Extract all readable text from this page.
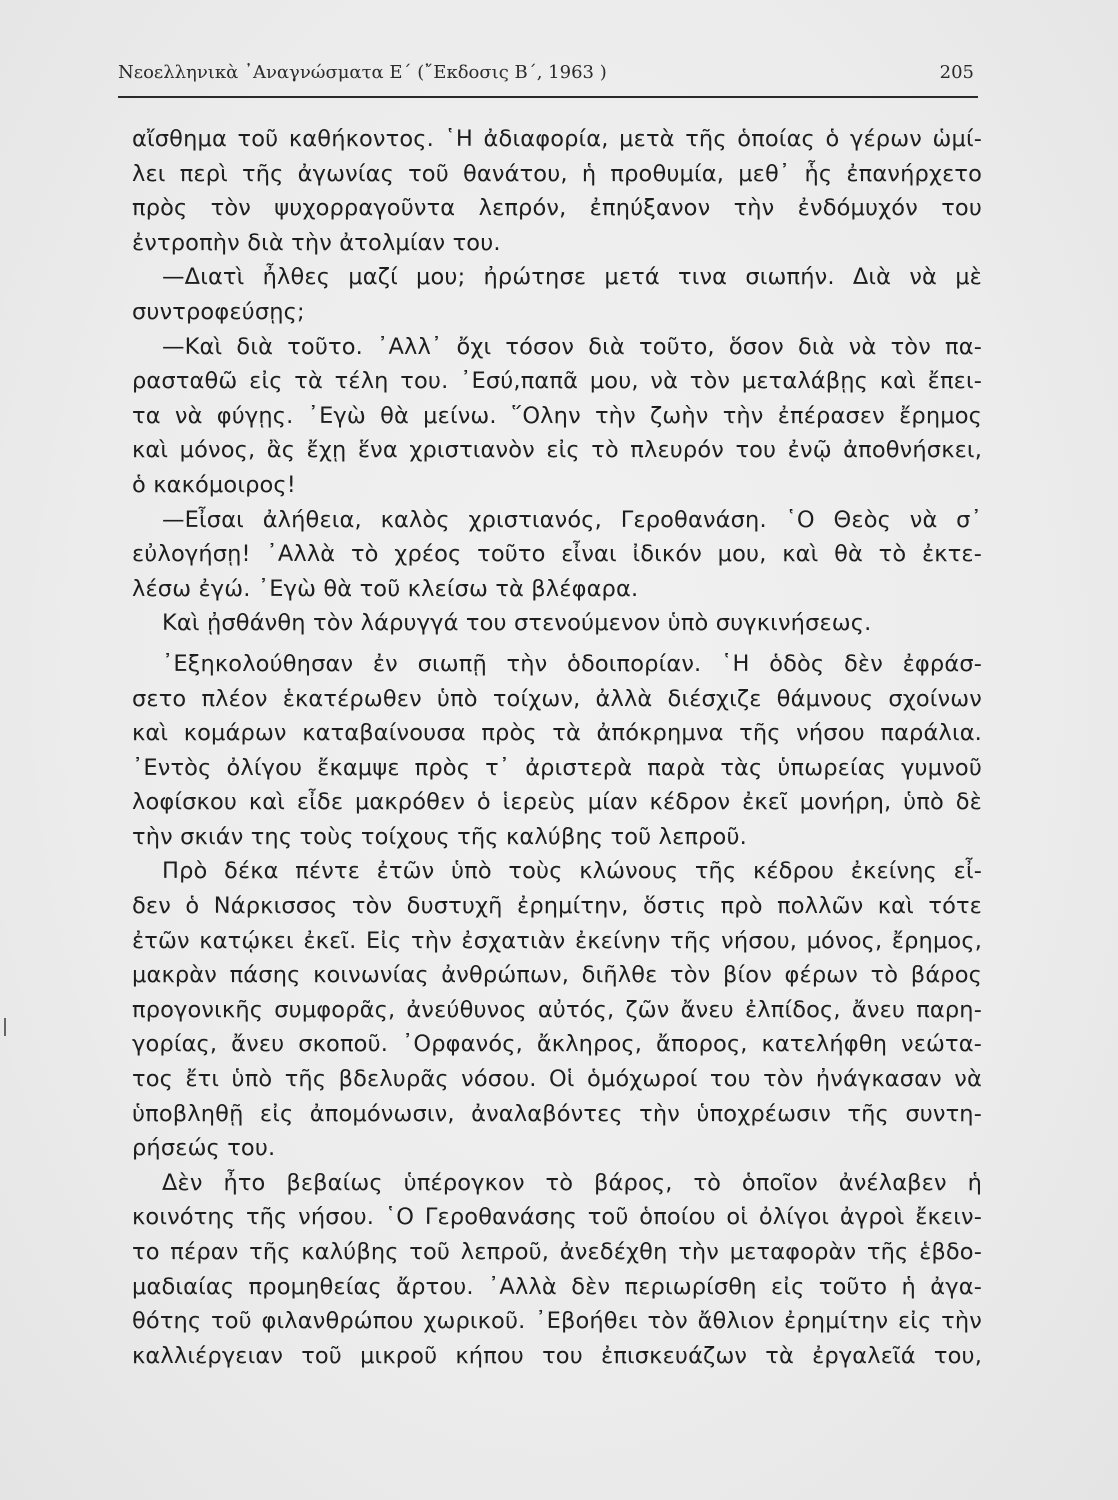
Νεοελληνικὰ ᾽Αναγνώσματα Ε΄ (῎Εκδοσις Β΄, 1963 )	205
αἴσθημα τοῦ καθήκοντος. ῾Η ἀδιαφορία, μετὰ τῆς ὁποίας ὁ γέρων ὡμί-
λει περὶ τῆς ἀγωνίας τοῦ θανάτου, ἡ προθυμία, μεθ᾽ ἧς ἐπανήρχετο
πρὸς τὸν ψυχορραγοῦντα λεπρόν, ἐπηύξανον τὴν ἐνδόμυχόν του
ἐντροπὴν διὰ τὴν ἀτολμίαν του.
—Διατὶ ἦλθες μαζί μου; ἠρώτησε μετά τινα σιωπήν. Διὰ νὰ μὲ
συντροφεύσῃς;
—Καὶ διὰ τοῦτο. ᾽Αλλ᾽ ὄχι τόσον διὰ τοῦτο, ὅσον διὰ νὰ τὸν πα-
ρασταθῶ εἰς τὰ τέλη του. ᾽Εσύ,παπᾶ μου, νὰ τὸν μεταλάβῃς καὶ ἔπει-
τα νὰ φύγῃς. ᾽Εγὼ θὰ μείνω. ῞Ολην τὴν ζωὴν τὴν ἐπέρασεν ἔρημος
καὶ μόνος, ἂς ἔχῃ ἕνα χριστιανὸν εἰς τὸ πλευρόν του ἐνῷ ἀποθνήσκει,
ὁ κακόμοιρος!
—Εἶσαι ἀλήθεια, καλὸς χριστιανός, Γεροθανάση. ῾Ο Θεὸς νὰ σ᾽
εὐλογήσῃ! ᾽Αλλὰ τὸ χρέος τοῦτο εἶναι ἰδικόν μου, καὶ θὰ τὸ ἐκτε-
λέσω ἐγώ. ᾽Εγὼ θὰ τοῦ κλείσω τὰ βλέφαρα.
Καὶ ᾐσθάνθη τὸν λάρυγγά του στενούμενον ὑπὸ συγκινήσεως.
᾽Εξηκολούθησαν ἐν σιωπῇ τὴν ὁδοιπορίαν. ῾Η ὁδὸς δὲν ἐφράσ-
σετο πλέον ἑκατέρωθεν ὑπὸ τοίχων, ἀλλὰ διέσχιζε θάμνους σχοίνων
καὶ κομάρων καταβαίνουσα πρὸς τὰ ἀπόκρημνα τῆς νήσου παράλια.
᾽Εντὸς ὀλίγου ἔκαμψε πρὸς τ᾽ ἀριστερὰ παρὰ τὰς ὑπωρείας γυμνοῦ
λοφίσκου καὶ εἶδε μακρόθεν ὁ ἱερεὺς μίαν κέδρον ἐκεῖ μονήρη, ὑπὸ δὲ
τὴν σκιάν της τοὺς τοίχους τῆς καλύβης τοῦ λεπροῦ.
Πρὸ δέκα πέντε ἐτῶν ὑπὸ τοὺς κλώνους τῆς κέδρου ἐκείνης εἶ-
δεν ὁ Νάρκισσος τὸν δυστυχῆ ἐρημίτην, ὅστις πρὸ πολλῶν καὶ τότε
ἐτῶν κατῴκει ἐκεῖ. Εἰς τὴν ἐσχατιὰν ἐκείνην τῆς νήσου, μόνος, ἔρημος,
μακρὰν πάσης κοινωνίας ἀνθρώπων, διῆλθε τὸν βίον φέρων τὸ βάρος
προγονικῆς συμφορᾶς, ἀνεύθυνος αὐτός, ζῶν ἄνευ ἐλπίδος, ἄνευ παρη-
γορίας, ἄνευ σκοποῦ. ᾽Ορφανός, ἄκληρος, ἄπορος, κατελήφθη νεώτα-
τος ἔτι ὑπὸ τῆς βδελυρᾶς νόσου. Οἱ ὁμόχωροί του τὸν ἠνάγκασαν νὰ
ὑποβληθῇ εἰς ἀπομόνωσιν, ἀναλαβόντες τὴν ὑποχρέωσιν τῆς συντη-
ρήσεώς του.
Δὲν ἦτο βεβαίως ὑπέρογκον τὸ βάρος, τὸ ὁποῖον ἀνέλαβεν ἡ
κοινότης τῆς νήσου. ῾Ο Γεροθανάσης τοῦ ὁποίου οἱ ὀλίγοι ἀγροὶ ἔκειν-
το πέραν τῆς καλύβης τοῦ λεπροῦ, ἀνεδέχθη τὴν μεταφορὰν τῆς ἑβδο-
μαδιαίας προμηθείας ἄρτου. ᾽Αλλὰ δὲν περιωρίσθη εἰς τοῦτο ἡ ἀγα-
θότης τοῦ φιλανθρώπου χωρικοῦ. ᾽Εβοήθει τὸν ἄθλιον ἐρημίτην εἰς τὴν
καλλιέργειαν τοῦ μικροῦ κήπου του ἐπισκευάζων τὰ ἐργαλεῖά του,
